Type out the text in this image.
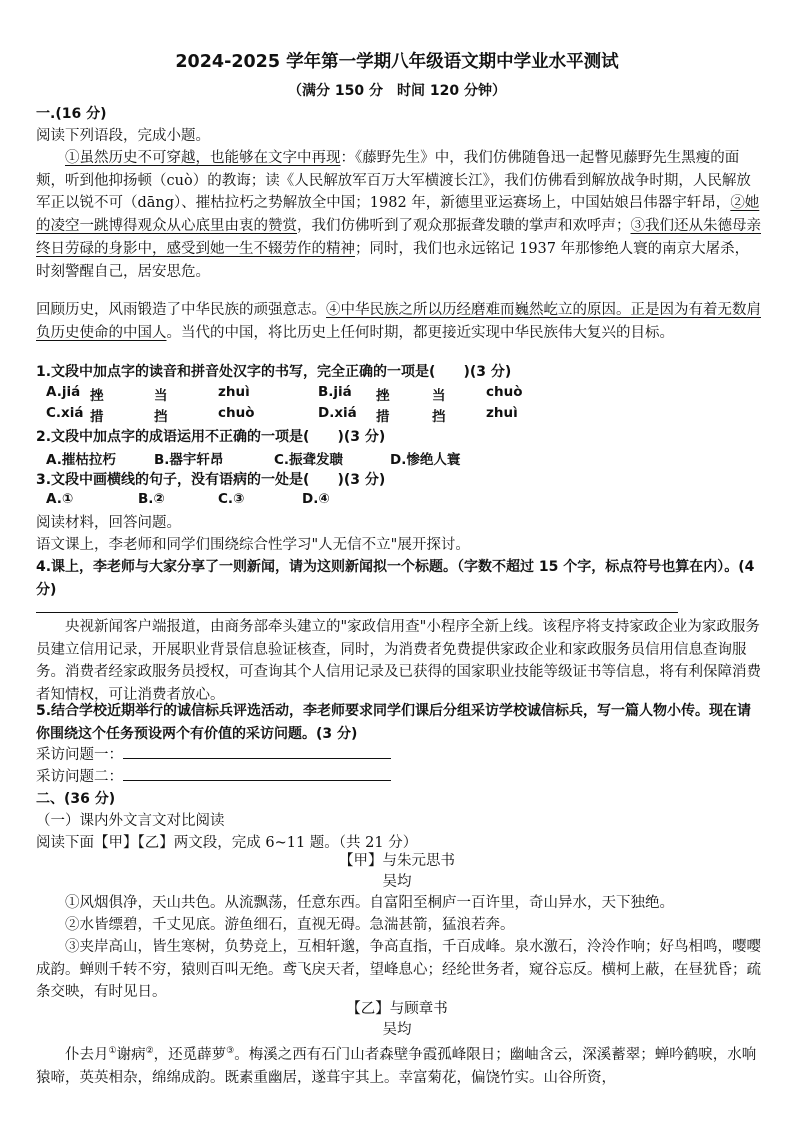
2024-2025 学年第一学期八年级语文期中学业水平测试
（满分 150 分　时间 120 分钟）
一.(16 分)
阅读下列语段，完成小题。

①虽然历史不可穿越，也能够在文字中再现：《藤野先生》中，我们仿佛随鲁迅一起瞥见藤野先生黑瘦的面颊，听到他抑扬顿（cuò）的教诲；读《人民解放军百万大军横渡长江》，我们仿佛看到解放战争时期，人民解放军正以锐不可（dāng）、摧枯拉朽之势解放全中国；1982 年，新德里亚运赛场上，中国姑娘吕伟器宇轩昂，②她的凌空一跳博得观众从心底里由衷的赞赏，我们仿佛听到了观众那振聋发聩的掌声和欢呼声；③我们还从朱德母亲终日劳碌的身影中，感受到她一生不辍劳作的精神；同时，我们也永远铭记 1937 年那惨绝人寰的南京大屠杀，时刻警醒自己，居安思危。

回顾历史，风雨锻造了中华民族的顽强意志。④中华民族之所以历经磨难而巍然屹立的原因。正是因为有着无数肩负历史使命的中国人。当代的中国，将比历史上任何时期，都更接近实现中华民族伟大复兴的目标。

1.文段中加点字的读音和拼音处汉字的书写，完全正确的一项是(　　)(3 分)
A.jiá 挫	当	zhuì	B.jiá 挫	当	chuò
C.xiá 措	挡	chuò	D.xiá 措	挡	zhuì
2.文段中加点字的成语运用不正确的一项是(　　)(3 分)
A.摧枯拉朽	B.器宇轩昂	C.振聋发聩	D.惨绝人寰
3.文段中画横线的句子，没有语病的一处是(　　)(3 分)
A.①	B.②	C.③	D.④
阅读材料，回答问题。
语文课上，李老师和同学们围绕综合性学习"人无信不立"展开探讨。

4.课上，李老师与大家分享了一则新闻，请为这则新闻拟一个标题。（字数不超过 15 个字，标点符号也算在内）。(4 分)

央视新闻客户端报道，由商务部牵头建立的"家政信用查"小程序全新上线。该程序将支持家政企业为家政服务员建立信用记录，开展职业背景信息验证核查，同时，为消费者免费提供家政企业和家政服务员信用信息查询服务。消费者经家政服务员授权，可查询其个人信用记录及已获得的国家职业技能等级证书等信息，将有利保障消费者知情权，可让消费者放心。

5.结合学校近期举行的诚信标兵评选活动，李老师要求同学们课后分组采访学校诚信标兵，写一篇人物小传。现在请你围绕这个任务预设两个有价值的采访问题。(3 分)

采访问题一：
采访问题二：
二、(36 分)
（一）课内外文言文对比阅读
阅读下面【甲】【乙】两文段，完成 6~11 题。（共 21 分）
【甲】与朱元思书
吴均

①风烟俱净，天山共色。从流飘荡，任意东西。自富阳至桐庐一百许里，奇山异水，天下独绝。

②水皆缥碧，千丈见底。游鱼细石，直视无碍。急湍甚箭，猛浪若奔。

③夹岸高山，皆生寒树，负势竞上，互相轩邈，争高直指，千百成峰。泉水激石，泠泠作响；好鸟相鸣，嘤嘤成韵。蝉则千转不穷，猿则百叫无绝。鸢飞戾天者，望峰息心；经纶世务者，窥谷忘反。横柯上蔽，在昼犹昏；疏条交映，有时见日。

【乙】与顾章书
吴均

仆去月①谢病②，还觅薜萝③。梅溪之西有石门山者森壁争霞孤峰限日；幽岫含云，深溪蓄翠；蝉吟鹤唳，水响猿啼，英英相杂，绵绵成韵。既素重幽居，遂葺宇其上。幸富菊花，偏饶竹实。山谷所资，
